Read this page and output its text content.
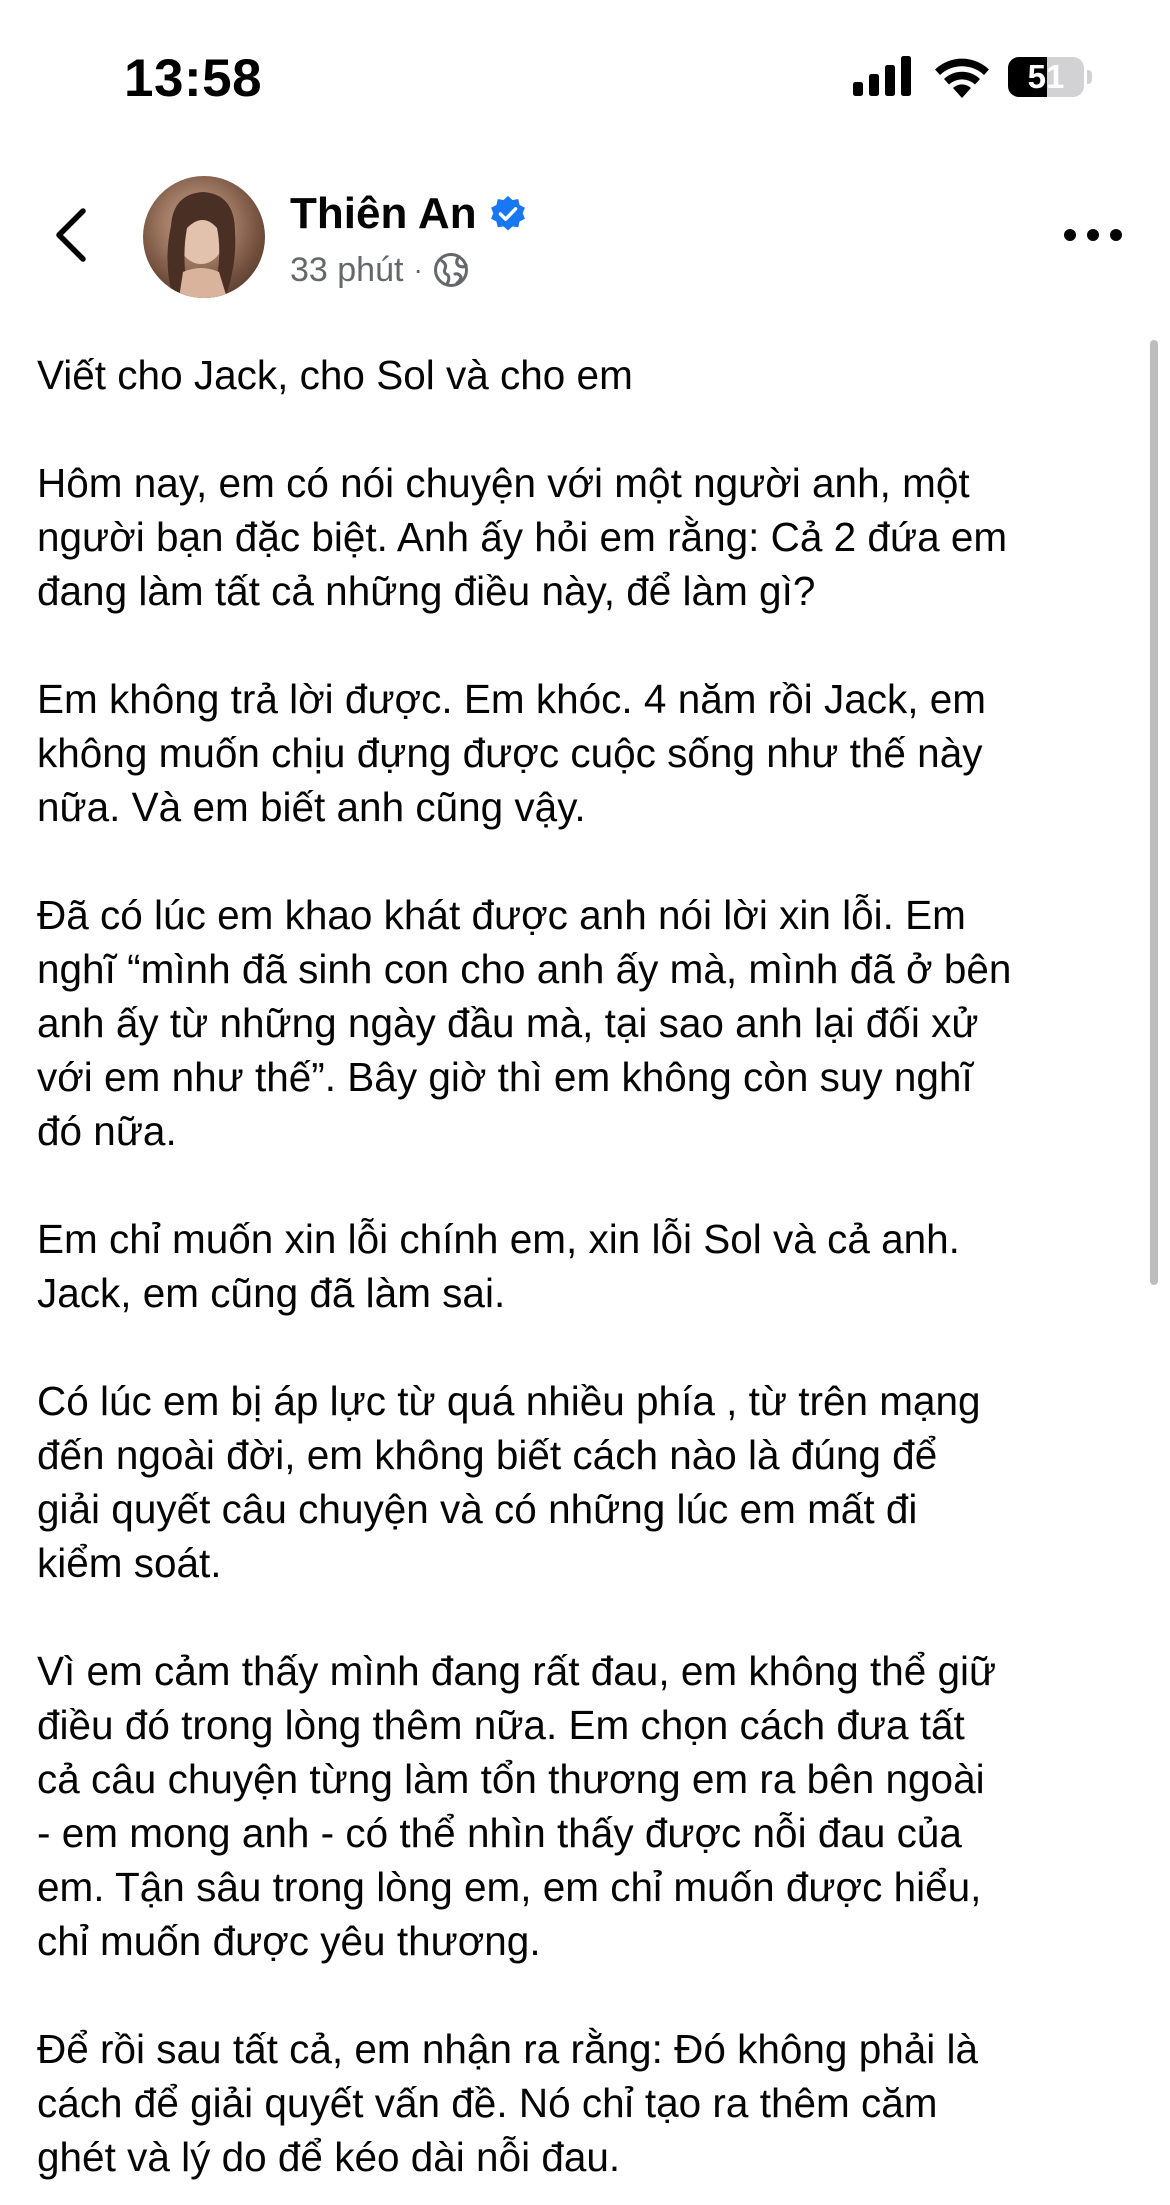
13:58	51
Thiên An
33 phút ·

Viết cho Jack, cho Sol và cho em

Hôm nay, em có nói chuyện với một người anh, một
người bạn đặc biệt. Anh ấy hỏi em rằng: Cả 2 đứa em
đang làm tất cả những điều này, để làm gì?

Em không trả lời được. Em khóc. 4 năm rồi Jack, em
không muốn chịu đựng được cuộc sống như thế này
nữa. Và em biết anh cũng vậy.

Đã có lúc em khao khát được anh nói lời xin lỗi. Em
nghĩ “mình đã sinh con cho anh ấy mà, mình đã ở bên
anh ấy từ những ngày đầu mà, tại sao anh lại đối xử
với em như thế”. Bây giờ thì em không còn suy nghĩ
đó nữa.

Em chỉ muốn xin lỗi chính em, xin lỗi Sol và cả anh.
Jack, em cũng đã làm sai.

Có lúc em bị áp lực từ quá nhiều phía , từ trên mạng
đến ngoài đời, em không biết cách nào là đúng để
giải quyết câu chuyện và có những lúc em mất đi
kiểm soát.

Vì em cảm thấy mình đang rất đau, em không thể giữ
điều đó trong lòng thêm nữa. Em chọn cách đưa tất
cả câu chuyện từng làm tổn thương em ra bên ngoài
- em mong anh - có thể nhìn thấy được nỗi đau của
em. Tận sâu trong lòng em, em chỉ muốn được hiểu,
chỉ muốn được yêu thương.

Để rồi sau tất cả, em nhận ra rằng: Đó không phải là
cách để giải quyết vấn đề. Nó chỉ tạo ra thêm căm
ghét và lý do để kéo dài nỗi đau.
